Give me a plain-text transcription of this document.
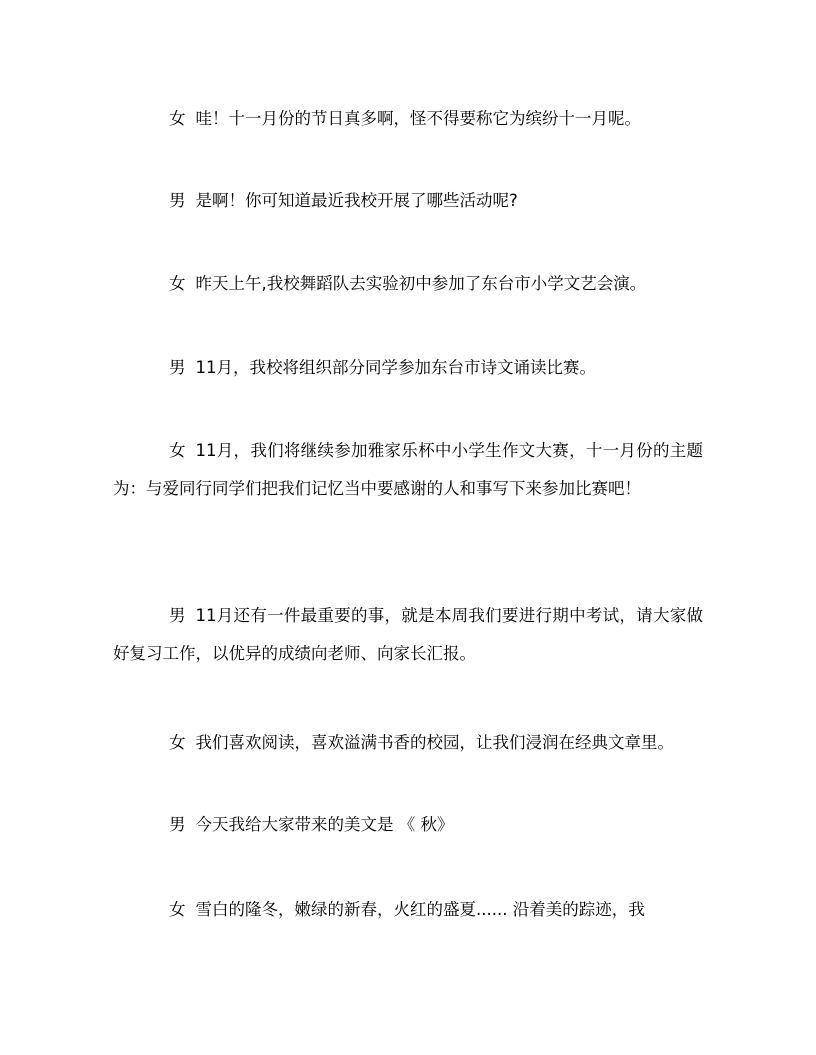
女 哇！十一月份的节日真多啊，怪不得要称它为缤纷十一月呢。

男 是啊！你可知道最近我校开展了哪些活动呢?

女 昨天上午,我校舞蹈队去实验初中参加了东台市小学文艺会演。

男 11月，我校将组织部分同学参加东台市诗文诵读比赛。

女 11月，我们将继续参加雅家乐杯中小学生作文大赛，十一月份的主题为：与爱同行同学们把我们记忆当中要感谢的人和事写下来参加比赛吧！

男 11月还有一件最重要的事，就是本周我们要进行期中考试，请大家做好复习工作，以优异的成绩向老师、向家长汇报。

女 我们喜欢阅读，喜欢溢满书香的校园，让我们浸润在经典文章里。

男 今天我给大家带来的美文是 《 秋》

女 雪白的隆冬，嫩绿的新春，火红的盛夏...... 沿着美的踪迹，我
